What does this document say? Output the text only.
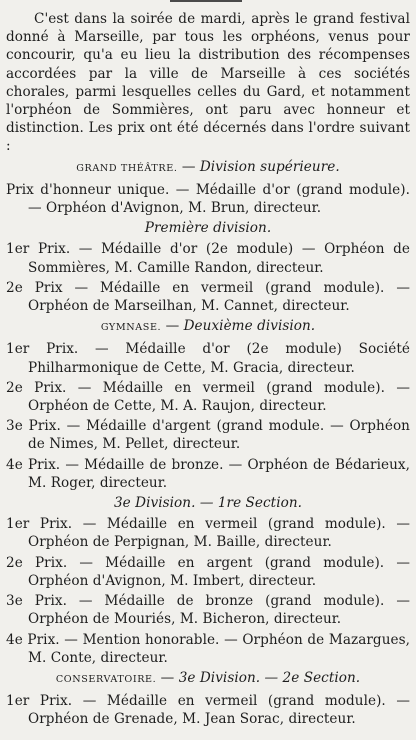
C'est dans la soirée de mardi, après le grand festival donné à Marseille, par tous les orphéons, venus pour concourir, qu'a eu lieu la distribution des récompenses accordées par la ville de Marseille à ces sociétés chorales, parmi lesquelles celles du Gard, et notamment l'orphéon de Sommières, ont paru avec honneur et distinction. Les prix ont été décernés dans l'ordre suivant :

GRAND THÉÂTRE. — Division supérieure.

Prix d'honneur unique. — Médaille d'or (grand module). — Orphéon d'Avignon, M. Brun, directeur.

Première division.

1er Prix. — Médaille d'or (2e module) — Orphéon de Sommières, M. Camille Randon, directeur.

2e Prix — Médaille en vermeil (grand module). — Orphéon de Marseilhan, M. Cannet, directeur.

GYMNASE. — Deuxième division.

1er Prix. — Médaille d'or (2e module) Société Philharmonique de Cette, M. Gracia, directeur.

2e Prix. — Médaille en vermeil (grand module). — Orphéon de Cette, M. A. Raujon, directeur.

3e Prix. — Médaille d'argent (grand module. — Orphéon de Nimes, M. Pellet, directeur.

4e Prix. — Médaille de bronze. — Orphéon de Bédarieux, M. Roger, directeur.

3e Division. — 1re Section.

1er Prix. — Médaille en vermeil (grand module). — Orphéon de Perpignan, M. Baille, directeur.

2e Prix. — Médaille en argent (grand module). — Orphéon d'Avignon, M. Imbert, directeur.

3e Prix. — Médaille de bronze (grand module). — Orphéon de Mouriés, M. Bicheron, directeur.

4e Prix. — Mention honorable. — Orphéon de Mazargues, M. Conte, directeur.

CONSERVATOIRE. — 3e Division. — 2e Section.

1er Prix. — Médaille en vermeil (grand module). — Orphéon de Grenade, M. Jean Sorac, directeur.
